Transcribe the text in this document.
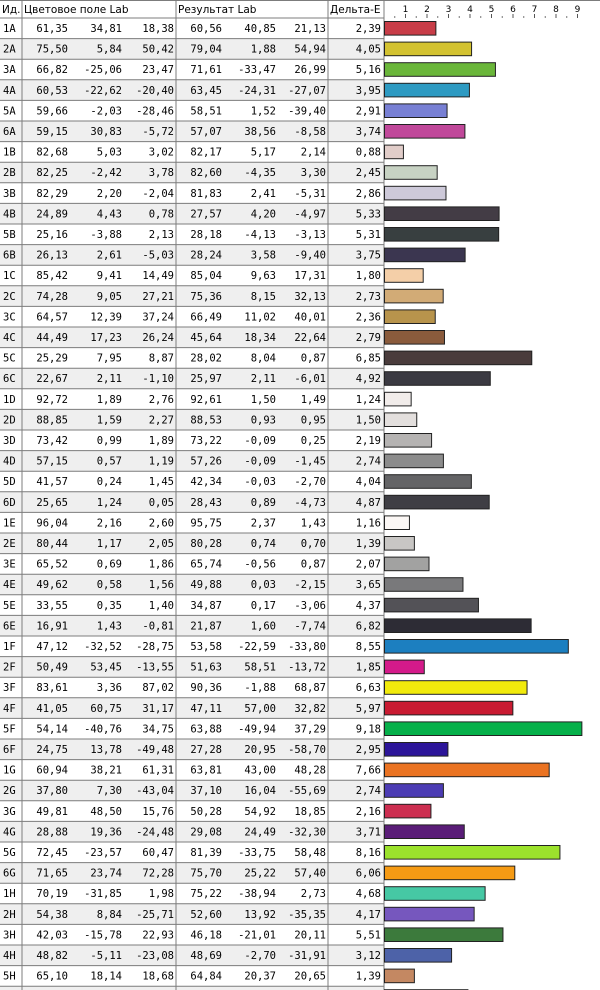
Ид. Цветовое поле Lab	Результат Lab	Дельта-E 1 2 3 4 5 6 7 8 9
1A 61,35 34,81 18,38 60,56 40,85 21,13	2,39
2A 75,50	5,84 50,42 79,04	1,88 54,94	4,05
3A 66,82 -25,06 23,47 71,61 -33,47 26,99	5,16
4A 60,53 -22,62 -20,40 63,45 -24,31 -27,07	3,95
5A 59,66 -2,03 -28,46 58,51	1,52 -39,40	2,91
6A 59,15 30,83 -5,72 57,07 38,56 -8,58	3,74
1B 82,68	5,03	3,02 82,17	5,17 2,14	0,88
2B 82,25 -2,42	3,78 82,60 -4,35 3,30	2,45
3B 82,29	2,20 -2,04 81,83	2,41 -5,31	2,86
4B 24,89	4,43	0,78 27,57	4,20 -4,97	5,33
5B 25,16 -3,88	2,13 28,18 -4,13 -3,13	5,31
6B 26,13	2,61 -5,03 28,24	3,58 -9,40	3,75
1C 85,42	9,41 14,49 85,04	9,63 17,31	1,80
2C 74,28	9,05 27,21 75,36	8,15 32,13	2,73
3C 64,57 12,39 37,24 66,49 11,02 40,01	2,36
4C 44,49 17,23 26,24 45,64 18,34 22,64	2,79
5C 25,29	7,95	8,87 28,02	8,04 0,87	6,85
6C 22,67	2,11 -1,10 25,97	2,11 -6,01	4,92
1D 92,72	1,89	2,76 92,61	1,50 1,49	1,24
2D 88,85	1,59	2,27 88,53	0,93 0,95	1,50
3D 73,42	0,99	1,89 73,22 -0,09 0,25	2,19
4D 57,15	0,57	1,19 57,26 -0,09 -1,45	2,74
5D 41,57	0,24	1,45 42,34 -0,03 -2,70	4,04
6D 25,65	1,24	0,05 28,43	0,89 -4,73	4,87
1E 96,04	2,16	2,60 95,75	2,37 1,43	1,16
2E 80,44	1,17	2,05 80,28	0,74 0,70	1,39
3E 65,52	0,69	1,86 65,74 -0,56 0,87	2,07
4E 49,62	0,58	1,56 49,88	0,03 -2,15	3,65
5E 33,55	0,35	1,40 34,87	0,17 -3,06	4,37
6E 16,91	1,43 -0,81 21,87	1,60 -7,74	6,82
1F 47,12 -32,52 -28,75 53,58 -22,59 -33,80	8,55
2F 50,49 53,45 -13,55 51,63 58,51 -13,72	1,85
3F 83,61	3,36 87,02 90,36 -1,88 68,87	6,63
4F 41,05 60,75 31,17 47,11 57,00 32,82	5,97
5F 54,14 -40,76 34,75 63,88 -49,94 37,29	9,18
6F 24,75 13,78 -49,48 27,28 20,95 -58,70	2,95
1G 60,94 38,21 61,31 63,81 43,00 48,28	7,66
2G 37,80	7,30 -43,04 37,10 16,04 -55,69	2,74
3G 49,81 48,50 15,76 50,28 54,92 18,85	2,16
4G 28,88 19,36 -24,48 29,08 24,49 -32,30	3,71
5G 72,45 -23,57 60,47 81,39 -33,75 58,48	8,16
6G 71,65 23,74 72,28 75,70 25,22 57,40	6,06
1H 70,19 -31,85	1,98 75,22 -38,94 2,73	4,68
2H 54,38	8,84 -25,71 52,60 13,92 -35,35	4,17
3H 42,03 -15,78 22,93 46,18 -21,01 20,11	5,51
4H 48,82 -5,11 -23,08 48,69 -2,70 -31,91	3,12
5H 65,10 18,14 18,68 64,84 20,37 20,65	1,39
